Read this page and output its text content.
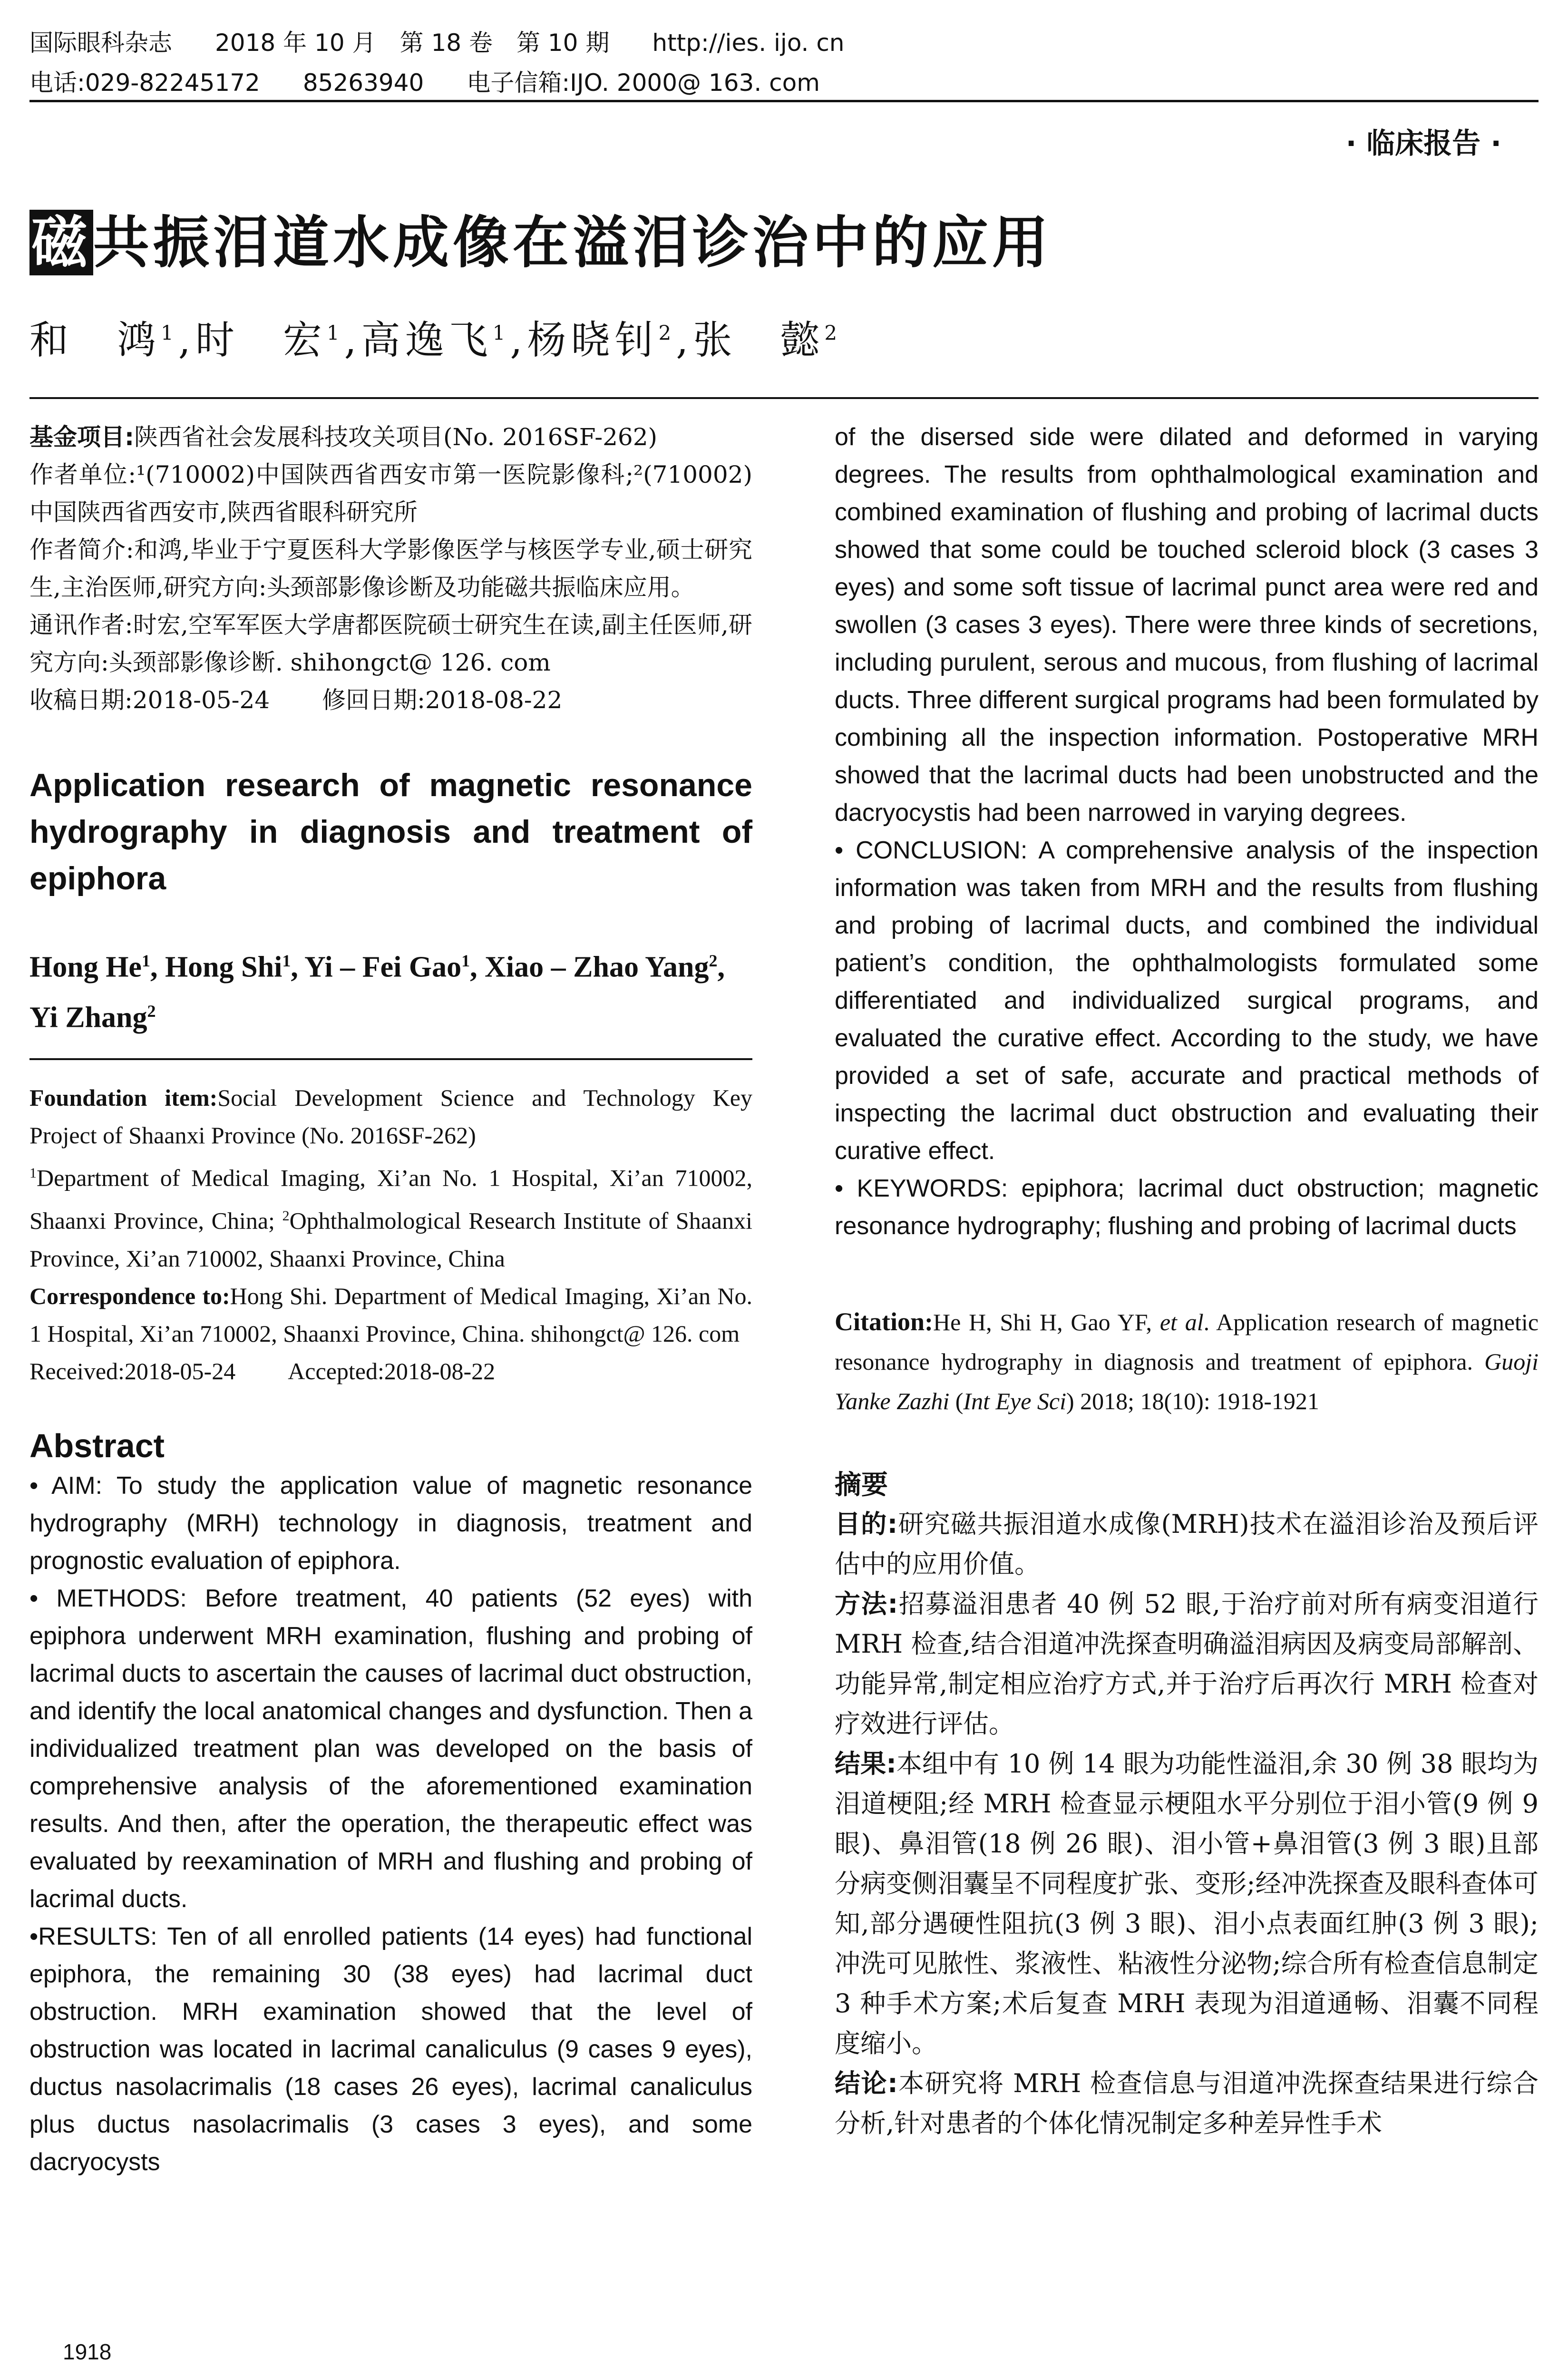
国际眼科杂志 2018 年 10 月　第 18 卷　第 10 期 http://ies. ijo. cn
电话:029-82245172 85263940 电子信箱:IJO. 2000@ 163. com
· 临床报告 ·
磁共振泪道水成像在溢泪诊治中的应用
和　鸿$^1$,时　宏$^1$,高逸飞$^1$,杨晓钊$^2$,张　懿$^2$

基金项目:陕西省社会发展科技攻关项目(No. 2016SF-262)

作者单位:¹(710002)中国陕西省西安市第一医院影像科;²(710002)中国陕西省西安市,陕西省眼科研究所

作者简介:和鸿,毕业于宁夏医科大学影像医学与核医学专业,硕士研究生,主治医师,研究方向:头颈部影像诊断及功能磁共振临床应用。

通讯作者:时宏,空军军医大学唐都医院硕士研究生在读,副主任医师,研究方向:头颈部影像诊断. shihongct@ 126. com

收稿日期:2018-05-24 修回日期:2018-08-22

Application research of magnetic resonance hydrography in diagnosis and treatment of epiphora
Hong He$^1$, Hong Shi$^1$, Yi – Fei Gao$^1$, Xiao – Zhao Yang$^2$, Yi Zhang$^2$

Foundation item:Social Development Science and Technology Key Project of Shaanxi Province (No. 2016SF-262)

$^1$Department of Medical Imaging, Xi’an No. 1 Hospital, Xi’an 710002, Shaanxi Province, China; $^2$Ophthalmological Research Institute of Shaanxi Province, Xi’an 710002, Shaanxi Province, China

Correspondence to:Hong Shi. Department of Medical Imaging, Xi’an No. 1 Hospital, Xi’an 710002, Shaanxi Province, China. shihongct@ 126. com

Received:2018-05-24 Accepted:2018-08-22

Abstract

• AIM: To study the application value of magnetic resonance hydrography (MRH) technology in diagnosis, treatment and prognostic evaluation of epiphora.

• METHODS: Before treatment, 40 patients (52 eyes) with epiphora underwent MRH examination, flushing and probing of lacrimal ducts to ascertain the causes of lacrimal duct obstruction, and identify the local anatomical changes and dysfunction. Then a individualized treatment plan was developed on the basis of comprehensive analysis of the aforementioned examination results. And then, after the operation, the therapeutic effect was evaluated by reexamination of MRH and flushing and probing of lacrimal ducts.

•RESULTS: Ten of all enrolled patients (14 eyes) had functional epiphora, the remaining 30 (38 eyes) had lacrimal duct obstruction. MRH examination showed that the level of obstruction was located in lacrimal canaliculus (9 cases 9 eyes), ductus nasolacrimalis (18 cases 26 eyes), lacrimal canaliculus plus ductus nasolacrimalis (3 cases 3 eyes), and some dacryocysts

of the disersed side were dilated and deformed in varying degrees. The results from ophthalmological examination and combined examination of flushing and probing of lacrimal ducts showed that some could be touched scleroid block (3 cases 3 eyes) and some soft tissue of lacrimal punct area were red and swollen (3 cases 3 eyes). There were three kinds of secretions, including purulent, serous and mucous, from flushing of lacrimal ducts. Three different surgical programs had been formulated by combining all the inspection information. Postoperative MRH showed that the lacrimal ducts had been unobstructed and the dacryocystis had been narrowed in varying degrees.

• CONCLUSION: A comprehensive analysis of the inspection information was taken from MRH and the results from flushing and probing of lacrimal ducts, and combined the individual patient’s condition, the ophthalmologists formulated some differentiated and individualized surgical programs, and evaluated the curative effect. According to the study, we have provided a set of safe, accurate and practical methods of inspecting the lacrimal duct obstruction and evaluating their curative effect.

• KEYWORDS: epiphora; lacrimal duct obstruction; magnetic resonance hydrography; flushing and probing of lacrimal ducts

Citation:He H, Shi H, Gao YF, et al. Application research of magnetic resonance hydrography in diagnosis and treatment of epiphora. Guoji Yanke Zazhi (Int Eye Sci) 2018; 18(10): 1918-1921
摘要

目的:研究磁共振泪道水成像(MRH)技术在溢泪诊治及预后评估中的应用价值。

方法:招募溢泪患者 40 例 52 眼,于治疗前对所有病变泪道行 MRH 检查,结合泪道冲洗探查明确溢泪病因及病变局部解剖、功能异常,制定相应治疗方式,并于治疗后再次行 MRH 检查对疗效进行评估。

结果:本组中有 10 例 14 眼为功能性溢泪,余 30 例 38 眼均为泪道梗阻;经 MRH 检查显示梗阻水平分别位于泪小管(9 例 9 眼)、鼻泪管(18 例 26 眼)、泪小管+鼻泪管(3 例 3 眼)且部分病变侧泪囊呈不同程度扩张、变形;经冲洗探查及眼科查体可知,部分遇硬性阻抗(3 例 3 眼)、泪小点表面红肿(3 例 3 眼);冲洗可见脓性、浆液性、粘液性分泌物;综合所有检查信息制定 3 种手术方案;术后复查 MRH 表现为泪道通畅、泪囊不同程度缩小。

结论:本研究将 MRH 检查信息与泪道冲洗探查结果进行综合分析,针对患者的个体化情况制定多种差异性手术

1918
